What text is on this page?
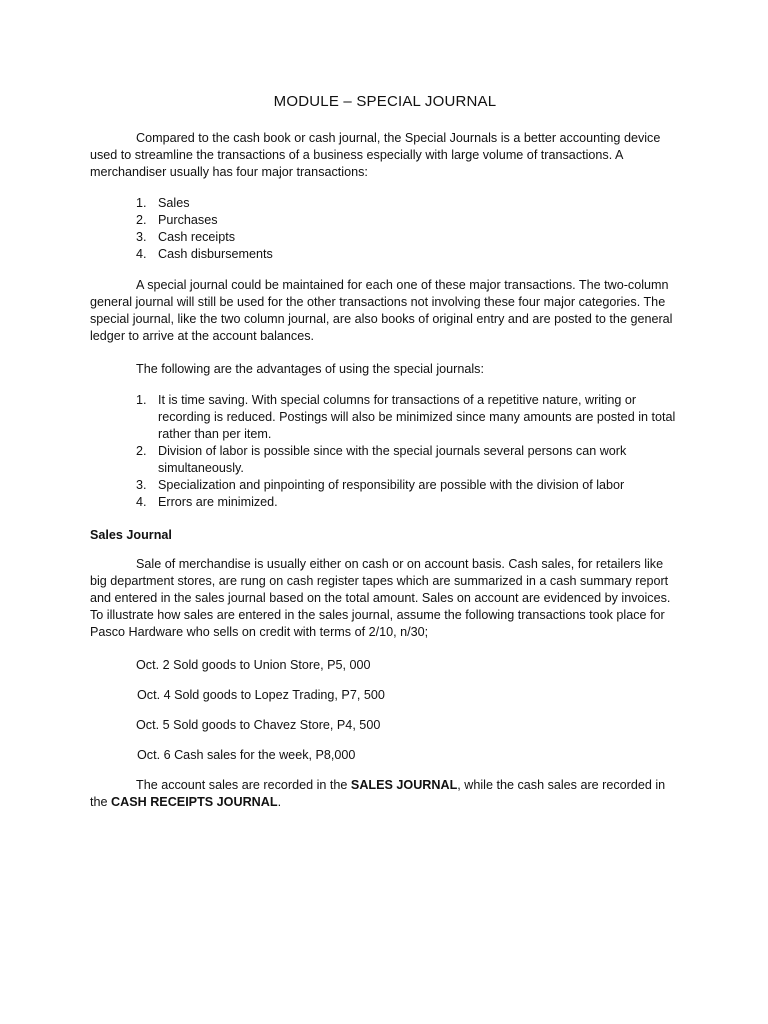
MODULE – SPECIAL JOURNAL

Compared to the cash book or cash journal, the Special Journals is a better accounting device used to streamline the transactions of a business especially with large volume of transactions. A merchandiser usually has four major transactions:

1. Sales
2. Purchases
3. Cash receipts
4. Cash disbursements

A special journal could be maintained for each one of these major transactions. The two-column general journal will still be used for the other transactions not involving these four major categories. The special journal, like the two column journal, are also books of original entry and are posted to the general ledger to arrive at the account balances.

The following are the advantages of using the special journals:

1. It is time saving. With special columns for transactions of a repetitive nature, writing or recording is reduced. Postings will also be minimized since many amounts are posted in total rather than per item.
2. Division of labor is possible since with the special journals several persons can work simultaneously.
3. Specialization and pinpointing of responsibility are possible with the division of labor
4. Errors are minimized.
Sales Journal

Sale of merchandise is usually either on cash or on account basis. Cash sales, for retailers like big department stores, are rung on cash register tapes which are summarized in a cash summary report and entered in the sales journal based on the total amount. Sales on account are evidenced by invoices. To illustrate how sales are entered in the sales journal, assume the following transactions took place for Pasco Hardware who sells on credit with terms of 2/10, n/30;

Oct. 2 Sold goods to Union Store, P5, 000

Oct. 4 Sold goods to Lopez Trading, P7, 500

Oct. 5 Sold goods to Chavez Store, P4, 500

Oct. 6 Cash sales for the week, P8,000

The account sales are recorded in the SALES JOURNAL, while the cash sales are recorded in the CASH RECEIPTS JOURNAL.
